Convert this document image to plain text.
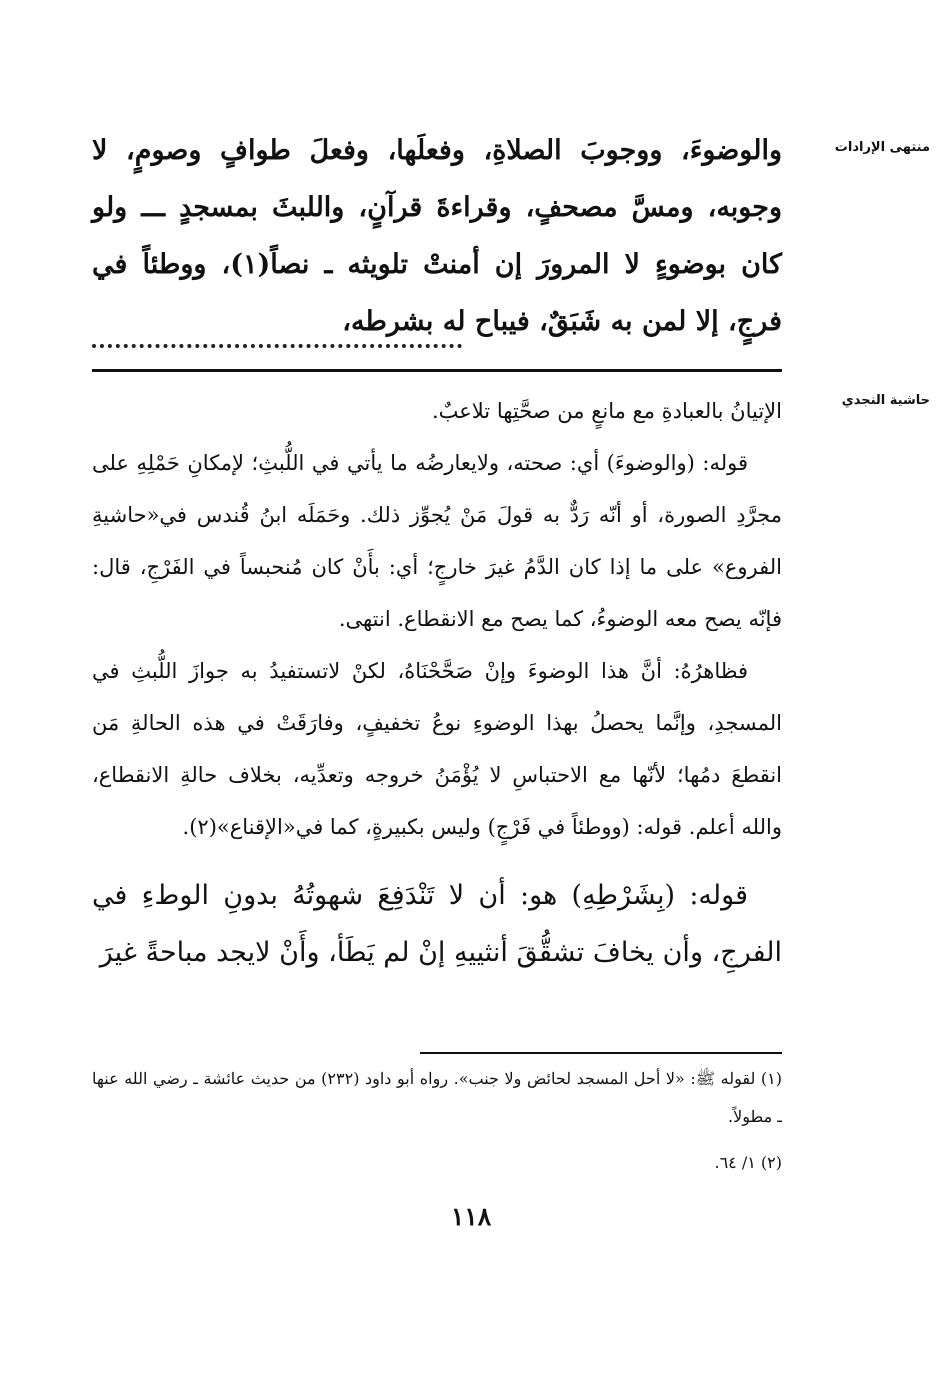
منتهى الإرادات

والوضوءَ، ووجوبَ الصلاةِ، وفعلَها، وفعلَ طوافٍ وصومٍ، لا وجوبه، ومسَّ مصحفٍ، وقراءةَ قرآنٍ، واللبثَ بمسجدٍ ـــ ولو كان بوضوءٍ لا المرورَ إن أمنتْ تلويثه ـ نصاً(١)، ووطئاً في فرجٍ، إلا لمن به شَبَقٌ، فيباح له بشرطه،

حاشية النجدي

الإتيانُ بالعبادةِ مع مانعٍ من صحَّتِها تلاعبٌ.

قوله: (والوضوءَ) أي: صحته، ولايعارضُه ما يأتي في اللُّبثِ؛ لإمكانِ حَمْلِهِ على مجرَّدِ الصورة، أو أنّه رَدٌّ به قولَ مَنْ يُجوِّز ذلك. وحَمَلَه ابنُ قُندس في«حاشيةِ الفروع» على ما إذا كان الدَّمُ غيرَ خارجٍ؛ أي: بأَنْ كان مُنحبساً في الفَرْجِ، قال: فإنّه يصح معه الوضوءُ، كما يصح مع الانقطاع. انتهى.

فظاهرُهُ: أنَّ هذا الوضوءَ وإنْ صَحَّحْنَاهُ، لكنْ لاتستفيدُ به جوازَ اللُّبثِ في المسجدِ، وإنَّما يحصلُ بهذا الوضوءِ نوعُ تخفيفٍ، وفارَقَتْ في هذه الحالةِ مَن انقطعَ دمُها؛ لأنّها مع الاحتباسِ لا يُؤْمَنُ خروجه وتعدِّيه، بخلاف حالةِ الانقطاع، والله أعلم. قوله: (ووطئاً في فَرْجٍ) وليس بكبيرةٍ، كما في«الإقناع»(٢).

قوله: (بِشَرْطِهِ) هو: أن لا تَنْدَفِعَ شهوتُهُ بدونِ الوطءِ في الفرجِ، وأن يخافَ تشقُّقَ أنثييهِ إنْ لم يَطَأ، وأَنْ لايجد مباحةً غيرَ

(١) لقوله ﷺ: «لا أحل المسجد لحائض ولا جنب». رواه أبو داود (٢٣٢) من حديث عائشة ـ رضي الله عنها ـ مطولاً.

(٢) ١/ ٦٤.

١١٨
